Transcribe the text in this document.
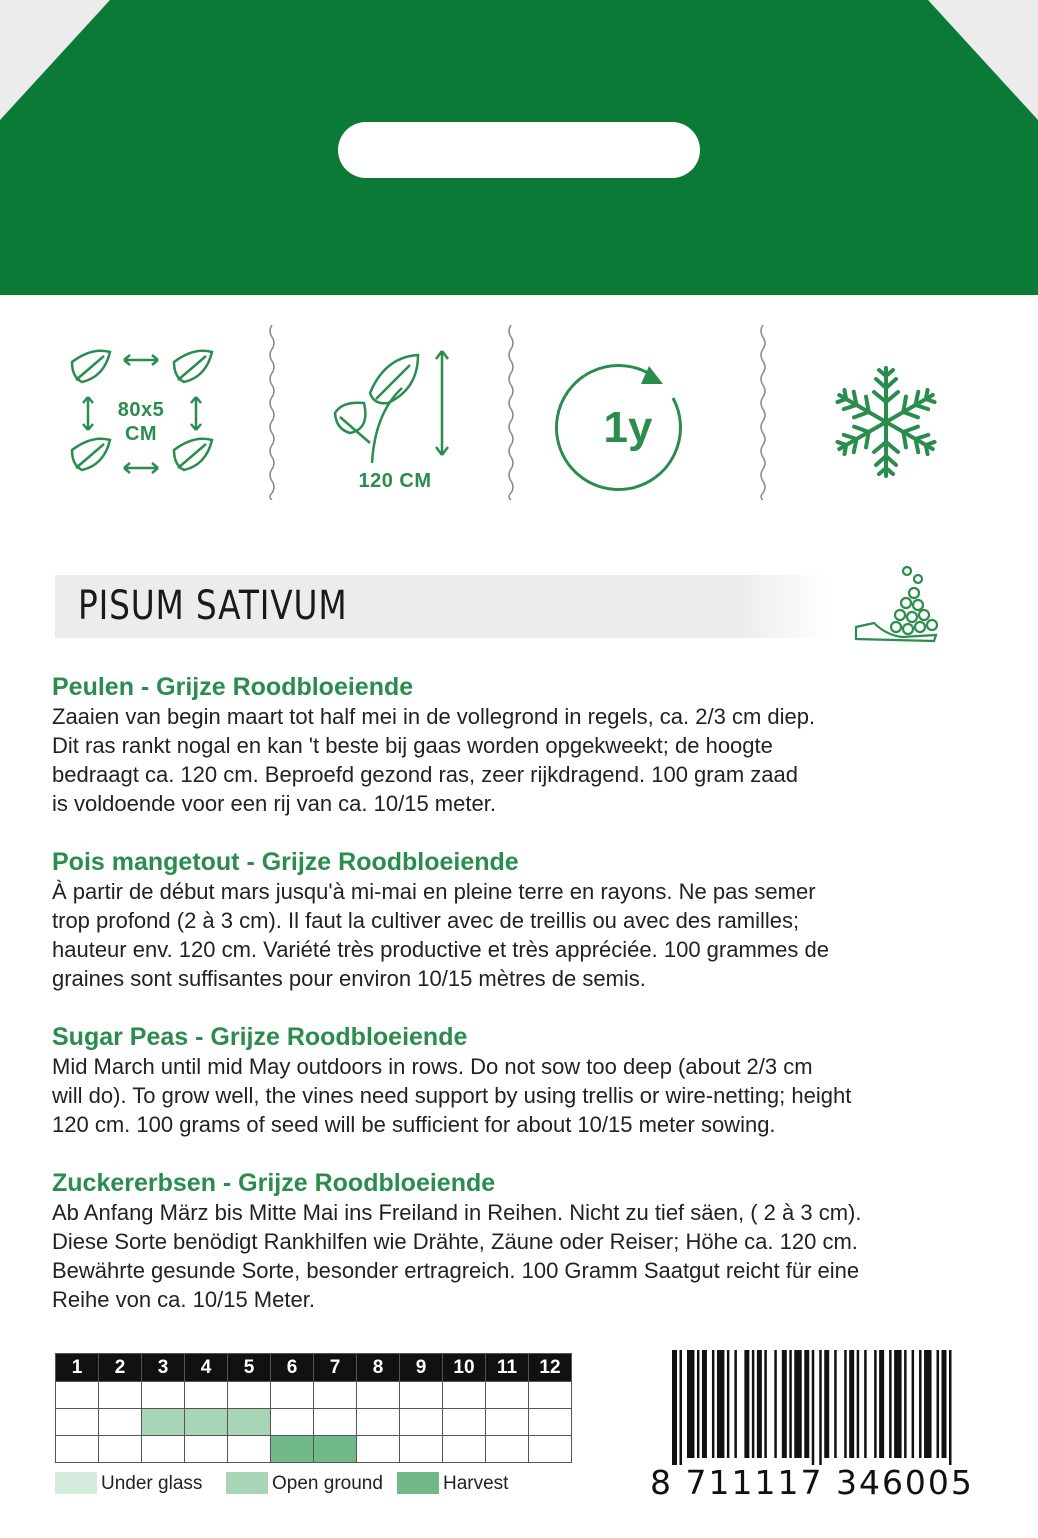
80x5
CM
120 CM
1y
PISUM SATIVUM

Peulen - Grijze Roodbloeiende

Zaaien van begin maart tot half mei in de vollegrond in regels, ca. 2/3 cm diep.

Dit ras rankt nogal en kan 't beste bij gaas worden opgekweekt; de hoogte

bedraagt ca. 120 cm. Beproefd gezond ras, zeer rijkdragend. 100 gram zaad

is voldoende voor een rij van ca. 10/15 meter.

Pois mangetout - Grijze Roodbloeiende

À partir de début mars jusqu'à mi-mai en pleine terre en rayons. Ne pas semer

trop profond (2 à 3 cm). Il faut la cultiver avec de treillis ou avec des ramilles;

hauteur env. 120 cm. Variété très productive et très appréciée. 100 grammes de

graines sont suffisantes pour environ 10/15 mètres de semis.

Sugar Peas - Grijze Roodbloeiende

Mid March until mid May outdoors in rows. Do not sow too deep (about 2/3 cm

will do). To grow well, the vines need support by using trellis or wire-netting; height

120 cm. 100 grams of seed will be sufficient for about 10/15 meter sowing.

Zuckererbsen - Grijze Roodbloeiende

Ab Anfang März bis Mitte Mai ins Freiland in Reihen. Nicht zu tief säen, ( 2 à 3 cm).

Diese Sorte benödigt Rankhilfen wie Drähte, Zäune oder Reiser; Höhe ca. 120 cm.

Bewährte gesunde Sorte, besonder ertragreich. 100 Gramm Saatgut reicht für eine

Reihe von ca. 10/15 Meter.

1	2	3	4	5	6	7	8	9	10	11	12

Under glass	Open ground	Harvest	8 711117 346005
